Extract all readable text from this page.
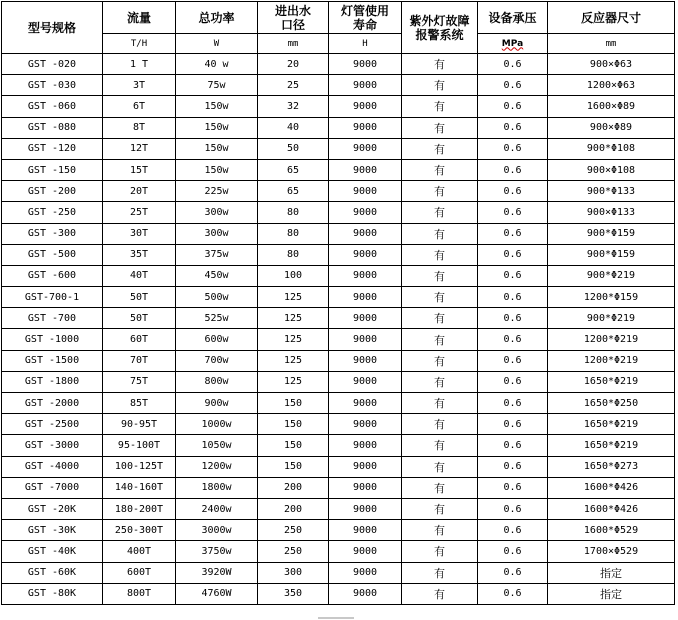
型号规格	流量	总功率	进出水口径	灯管使用寿命	紫外灯故障报警系统	设备承压	反应器尺寸
	T/H	W	mm	H		MPa	mm
GST -020	1 T	40 w	20	9000	有	0.6	900×Φ63
GST -030	3T	75w	25	9000	有	0.6	1200×Φ63
GST -060	6T	150w	32	9000	有	0.6	1600×Φ89
GST -080	8T	150w	40	9000	有	0.6	900×Φ89
GST -120	12T	150w	50	9000	有	0.6	900*Φ108
GST -150	15T	150w	65	9000	有	0.6	900×Φ108
GST -200	20T	225w	65	9000	有	0.6	900*Φ133
GST -250	25T	300w	80	9000	有	0.6	900×Φ133
GST -300	30T	300w	80	9000	有	0.6	900*Φ159
GST -500	35T	375w	80	9000	有	0.6	900*Φ159
GST -600	40T	450w	100	9000	有	0.6	900*Φ219
GST-700-1	50T	500w	125	9000	有	0.6	1200*Φ159
GST -700	50T	525w	125	9000	有	0.6	900*Φ219
GST -1000	60T	600w	125	9000	有	0.6	1200*Φ219
GST -1500	70T	700w	125	9000	有	0.6	1200*Φ219
GST -1800	75T	800w	125	9000	有	0.6	1650*Φ219
GST -2000	85T	900w	150	9000	有	0.6	1650*Φ250
GST -2500	90-95T	1000w	150	9000	有	0.6	1650*Φ219
GST -3000	95-100T	1050w	150	9000	有	0.6	1650*Φ219
GST -4000	100-125T	1200w	150	9000	有	0.6	1650*Φ273
GST -7000	140-160T	1800w	200	9000	有	0.6	1600*Φ426
GST -20K	180-200T	2400w	200	9000	有	0.6	1600*Φ426
GST -30K	250-300T	3000w	250	9000	有	0.6	1600*Φ529
GST -40K	400T	3750w	250	9000	有	0.6	1700×Φ529
GST -60K	600T	3920W	300	9000	有	0.6	指定
GST -80K	800T	4760W	350	9000	有	0.6	指定
